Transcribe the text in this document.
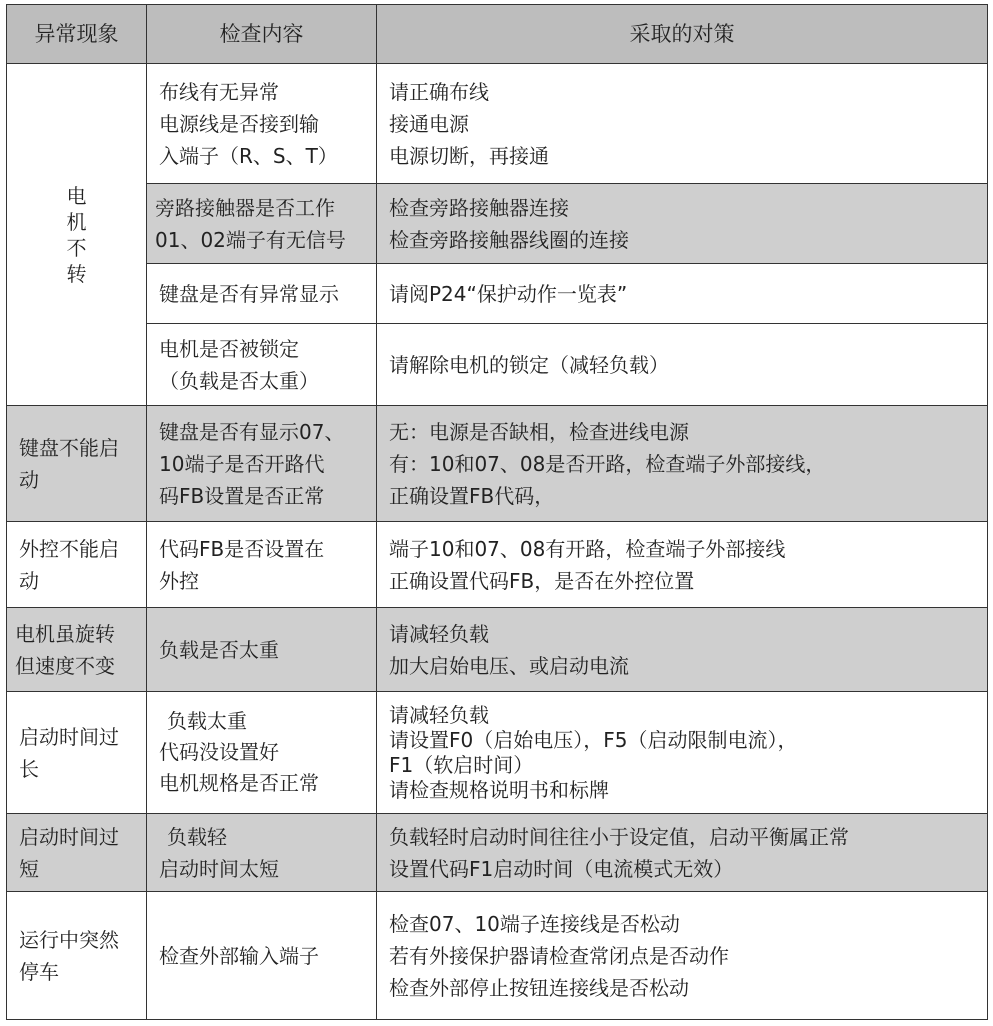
异常现象	检查内容	采取的对策

电
机
不
转	布线有无异常
电源线是否接到输
入端子（R、S、T）	请正确布线
接通电源
电源切断，再接通

	旁路接触器是否工作
01、02端子有无信号	检查旁路接触器连接
检查旁路接触器线圈的连接

	键盘是否有异常显示	请阅P24“保护动作一览表”

	电机是否被锁定
（负载是否太重）	请解除电机的锁定（减轻负载）

键盘不能启
动	键盘是否有显示07、
10端子是否开路代
码FB设置是否正常	无：电源是否缺相，检查进线电源
有：10和07、08是否开路，检查端子外部接线，
正确设置FB代码，

外控不能启
动	代码FB是否设置在
外控	端子10和07、08有开路，检查端子外部接线
正确设置代码FB，是否在外控位置

电机虽旋转
但速度不变	负载是否太重	请减轻负载
加大启始电压、或启动电流

启动时间过
长	负载太重
代码没设置好
电机规格是否正常	请减轻负载
请设置F0（启始电压），F5（启动限制电流），
F1（软启时间）
请检查规格说明书和标牌

启动时间过
短	负载轻
启动时间太短	负载轻时启动时间往往小于设定值，启动平衡属正常
设置代码F1启动时间（电流模式无效）

运行中突然
停车	检查外部输入端子	检查07、10端子连接线是否松动
若有外接保护器请检查常闭点是否动作
检查外部停止按钮连接线是否松动
